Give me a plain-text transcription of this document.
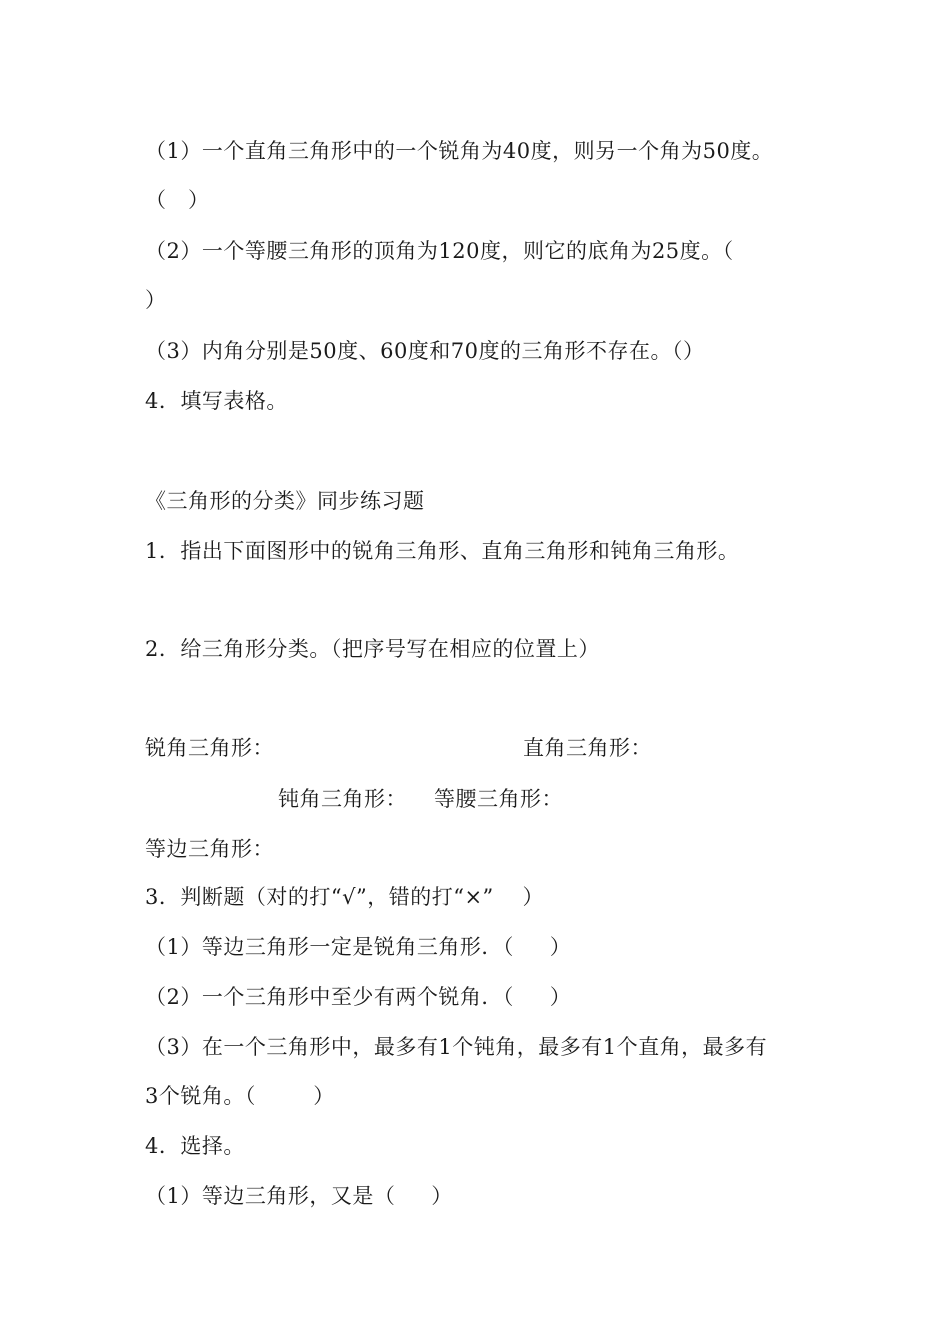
（1）一个直角三角形中的一个锐角为40度，则另一个角为50度。
（   ）
（2）一个等腰三角形的顶角为120度，则它的底角为25度。（
）
（3）内角分别是50度、60度和70度的三角形不存在。（）
4．填写表格。
《三角形的分类》同步练习题
1．指出下面图形中的锐角三角形、直角三角形和钝角三角形。
2．给三角形分类。（把序号写在相应的位置上）
锐角三角形：	直角三角形：
钝角三角形： 等腰三角形：
等边三角形：
3．判断题（对的打“√”，错的打“×”    ）
（1）等边三角形一定是锐角三角形．（     ）
（2）一个三角形中至少有两个锐角．（     ）
（3）在一个三角形中，最多有1个钝角，最多有1个直角，最多有
3个锐角。（        ）
4．选择。
（1）等边三角形，又是（     ）
